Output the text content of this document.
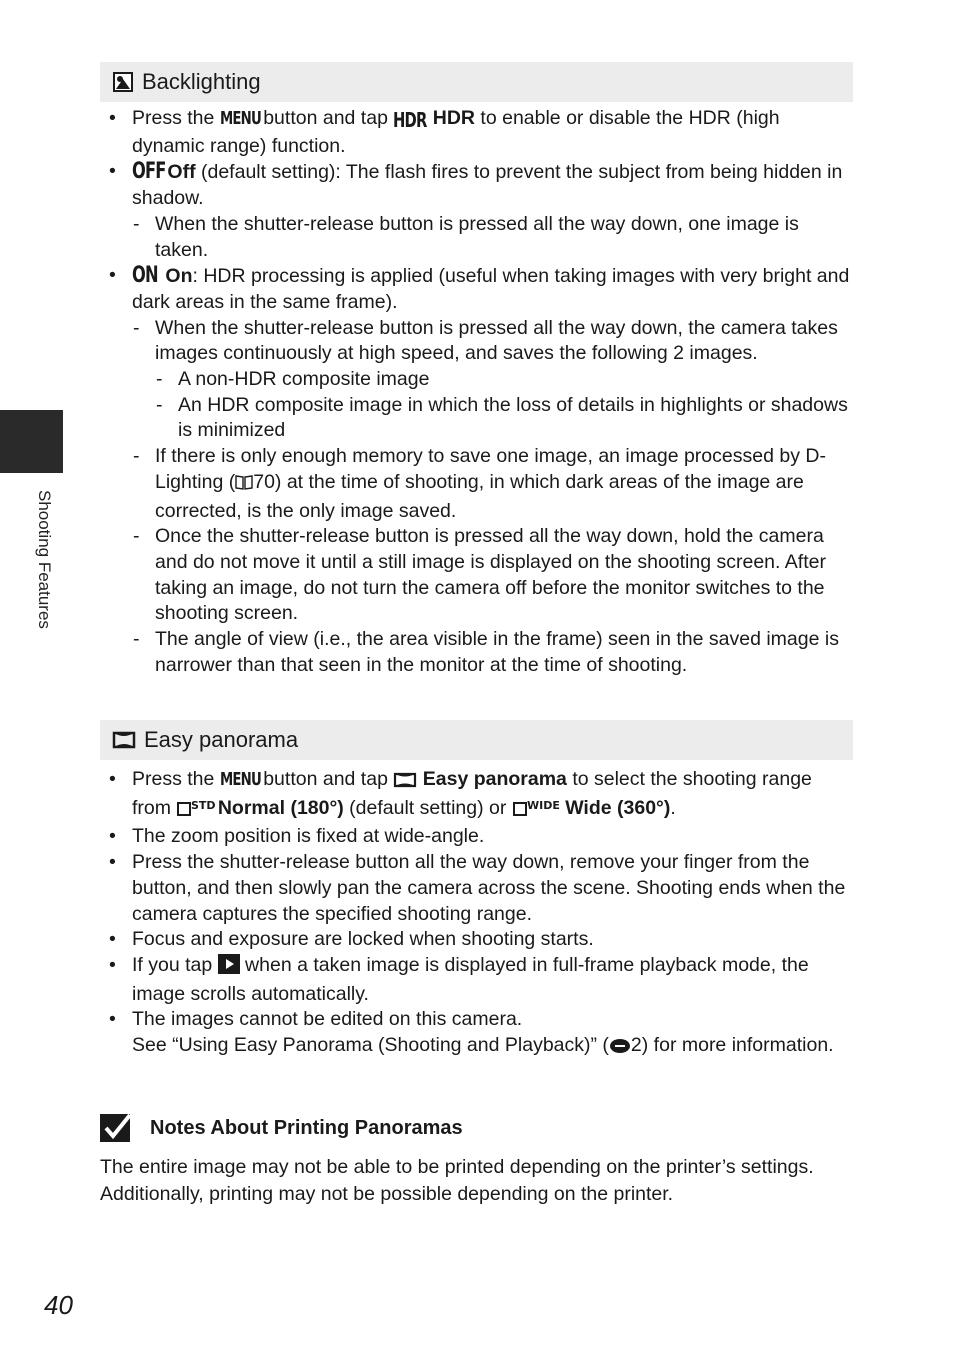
Shooting Features
Backlighting
• Press the MENU button and tap HDR HDR to enable or disable the HDR (high dynamic range) function.
• OFF Off (default setting): The flash fires to prevent the subject from being hidden in shadow.
- When the shutter-release button is pressed all the way down, one image is taken.
• ON On: HDR processing is applied (useful when taking images with very bright and dark areas in the same frame).
- When the shutter-release button is pressed all the way down, the camera takes images continuously at high speed, and saves the following 2 images.
- A non-HDR composite image
- An HDR composite image in which the loss of details in highlights or shadows is minimized
- If there is only enough memory to save one image, an image processed by D-Lighting ( 70) at the time of shooting, in which dark areas of the image are corrected, is the only image saved.
- Once the shutter-release button is pressed all the way down, hold the camera and do not move it until a still image is displayed on the shooting screen. After taking an image, do not turn the camera off before the monitor switches to the shooting screen.
- The angle of view (i.e., the area visible in the frame) seen in the saved image is narrower than that seen in the monitor at the time of shooting.
Easy panorama
• Press the MENU button and tap  Easy panorama to select the shooting range from STD Normal (180°) (default setting) or WIDE Wide (360°).
• The zoom position is fixed at wide-angle.
• Press the shutter-release button all the way down, remove your finger from the button, and then slowly pan the camera across the scene. Shooting ends when the camera captures the specified shooting range.
• Focus and exposure are locked when shooting starts.
• If you tap  when a taken image is displayed in full-frame playback mode, the image scrolls automatically.
• The images cannot be edited on this camera.
See “Using Easy Panorama (Shooting and Playback)” ( 2) for more information.
Notes About Printing Panoramas
The entire image may not be able to be printed depending on the printer’s settings. Additionally, printing may not be possible depending on the printer.
40
